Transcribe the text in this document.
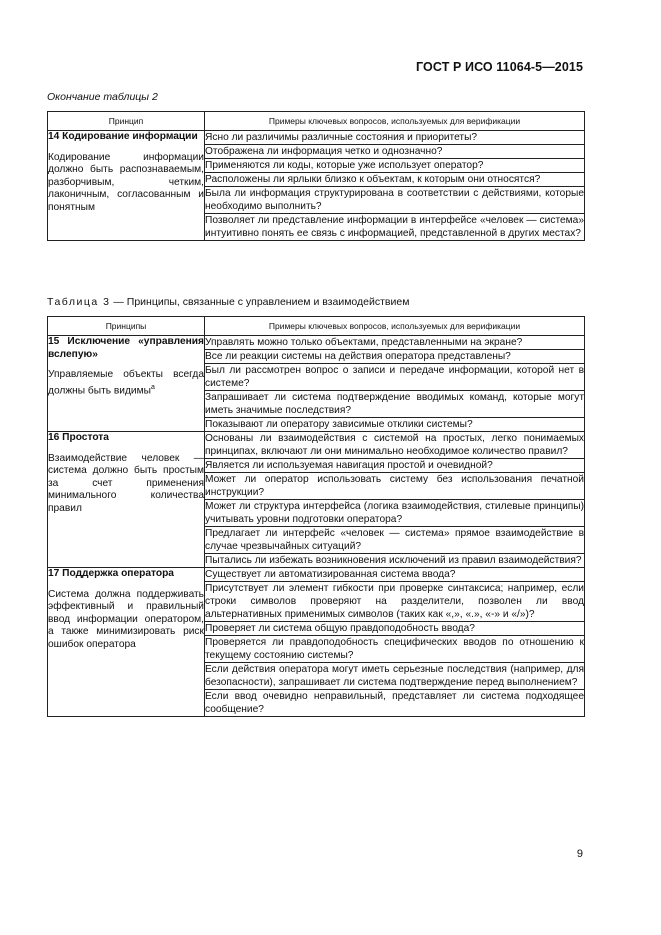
ГОСТ Р ИСО 11064-5—2015
Окончание таблицы 2
Принцип	Примеры ключевых вопросов, используемых для верификации

14 Кодирование информации
Кодирование информации должно быть распознаваемым, разборчивым, четким, лаконичным, согласованным и понятным	Ясно ли различимы различные состояния и приоритеты?
	Отображена ли информация четко и однозначно?
	Применяются ли коды, которые уже использует оператор?
	Расположены ли ярлыки близко к объектам, к которым они относятся?
	Была ли информация структурирована в соответствии с действиями, которые необходимо выполнить?
	Позволяет ли представление информации в интерфейсе «человек — система» интуитивно понять ее связь с информацией, представленной в других местах?
Таблица 3 — Принципы, связанные с управлением и взаимодействием
Принципы	Примеры ключевых вопросов, используемых для верификации

15 Исключение «управления вслепую»
Управляемые объекты всегда должны быть видимы$^a$	Управлять можно только объектами, представленными на экране?
	Все ли реакции системы на действия оператора представлены?
	Был ли рассмотрен вопрос о записи и передаче информации, которой нет в системе?
	Запрашивает ли система подтверждение вводимых команд, которые могут иметь значимые последствия?
	Показывают ли оператору зависимые отклики системы?

16 Простота
Взаимодействие человек — система должно быть простым за счет применения минимального количества правил	Основаны ли взаимодействия с системой на простых, легко понимаемых принципах, включают ли они минимально необходимое количество правил?
	Является ли используемая навигация простой и очевидной?
	Может ли оператор использовать систему без использования печатной инструкции?
	Может ли структура интерфейса (логика взаимодействия, стилевые принципы) учитывать уровни подготовки оператора?
	Предлагает ли интерфейс «человек — система» прямое взаимодействие в случае чрезвычайных ситуаций?
	Пытались ли избежать возникновения исключений из правил взаимодействия?

17 Поддержка оператора
Система должна поддерживать эффективный и правильный ввод информации оператором, а также минимизировать риск ошибок оператора	Существует ли автоматизированная система ввода?
	Присутствует ли элемент гибкости при проверке синтаксиса; например, если строки символов проверяют на разделители, позволен ли ввод альтернативных применимых символов (таких как «,», «.», «-» и «/»)?
	Проверяет ли система общую правдоподобность ввода?
	Проверяется ли правдоподобность специфических вводов по отношению к текущему состоянию системы?
	Если действия оператора могут иметь серьезные последствия (например, для безопасности), запрашивает ли система подтверждение перед выполнением?
	Если ввод очевидно неправильный, представляет ли система подходящее сообщение?
9
